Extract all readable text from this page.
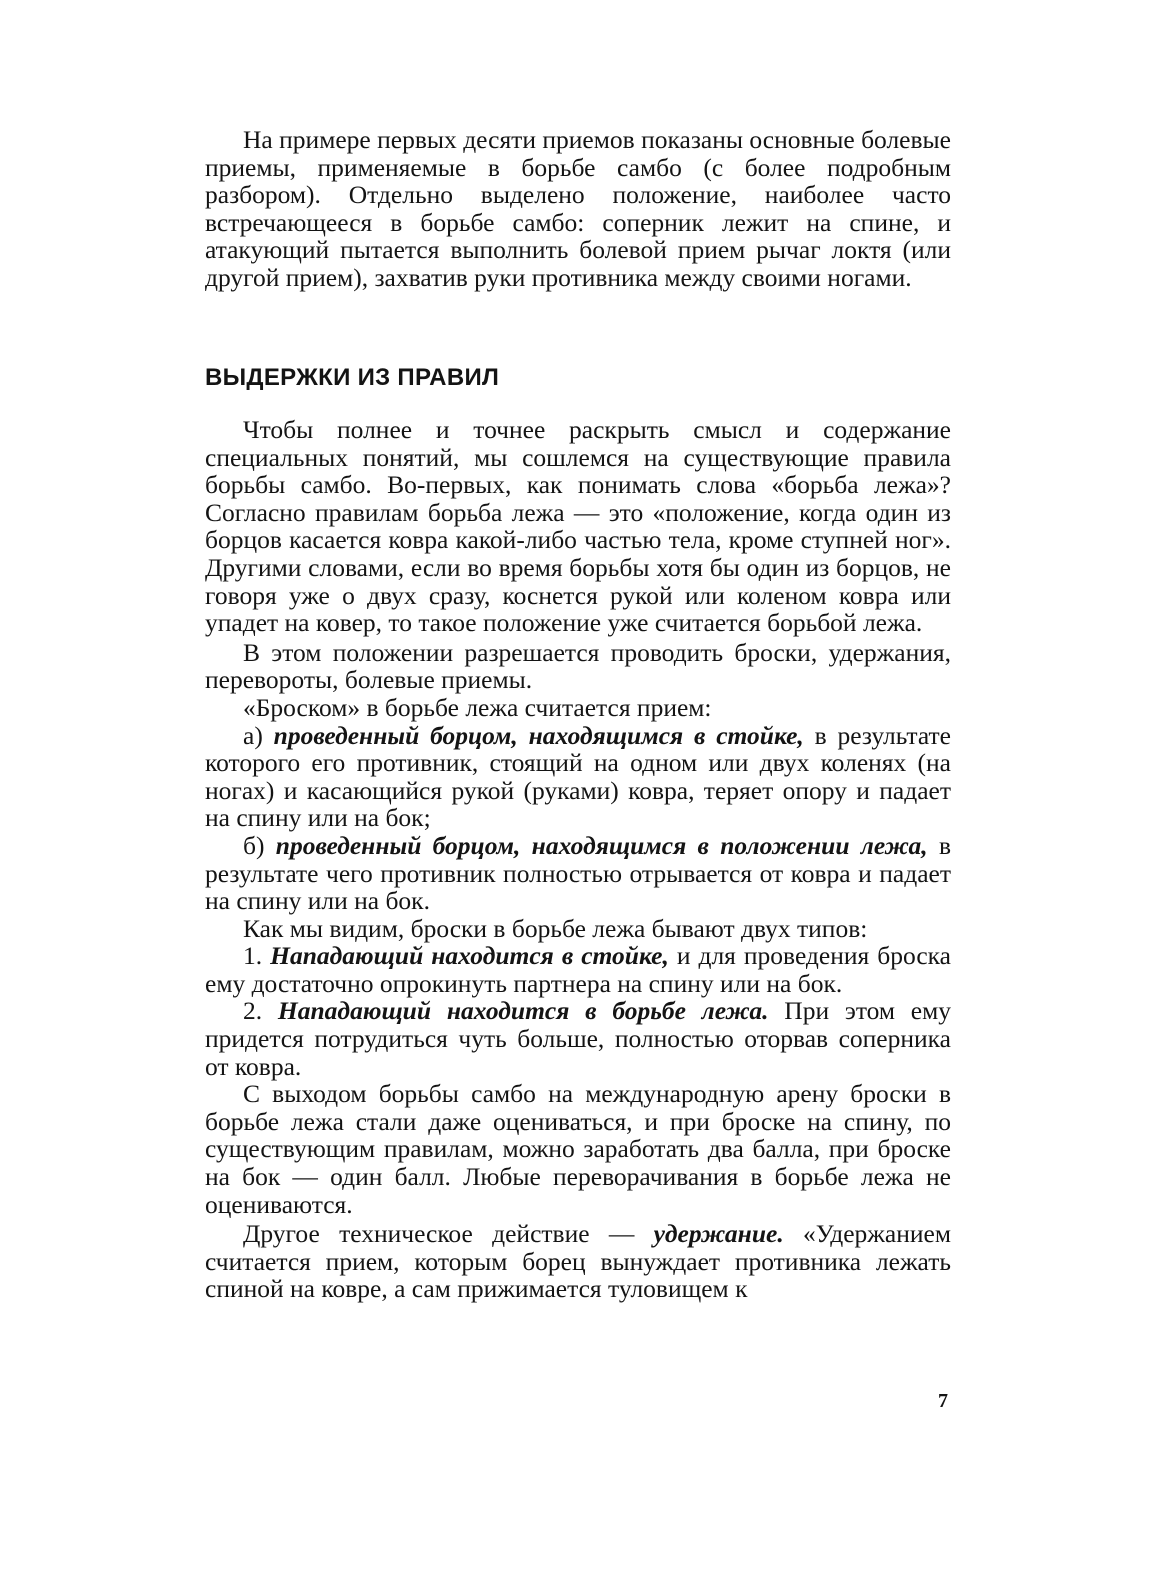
На примере первых десяти приемов показаны основные болевые приемы, применяемые в борьбе самбо (с более подробным разбором). Отдельно выделено положение, наиболее часто встречающееся в борьбе самбо: соперник лежит на спине, и атакующий пытается выполнить болевой прием рычаг локтя (или другой прием), захватив руки противника между своими ногами.

ВЫДЕРЖКИ ИЗ ПРАВИЛ

Чтобы полнее и точнее раскрыть смысл и содержание специальных понятий, мы сошлемся на существующие правила борьбы самбо. Во-первых, как понимать слова «борьба лежа»? Согласно правилам борьба лежа — это «положение, когда один из борцов касается ковра какой-либо частью тела, кроме ступней ног». Другими словами, если во время борьбы хотя бы один из борцов, не говоря уже о двух сразу, коснется рукой или коленом ковра или упадет на ковер, то такое положение уже считается борьбой лежа.

В этом положении разрешается проводить броски, удержания, перевороты, болевые приемы.

«Броском» в борьбе лежа считается прием:

а) проведенный борцом, находящимся в стойке, в результате которого его противник, стоящий на одном или двух коленях (на ногах) и касающийся рукой (руками) ковра, теряет опору и падает на спину или на бок;

б) проведенный борцом, находящимся в положении лежа, в результате чего противник полностью отрывается от ковра и падает на спину или на бок.

Как мы видим, броски в борьбе лежа бывают двух типов:

1. Нападающий находится в стойке, и для проведения броска ему достаточно опрокинуть партнера на спину или на бок.

2. Нападающий находится в борьбе лежа. При этом ему придется потрудиться чуть больше, полностью оторвав соперника от ковра.

С выходом борьбы самбо на международную арену броски в борьбе лежа стали даже оцениваться, и при броске на спину, по существующим правилам, можно заработать два балла, при броске на бок — один балл. Любые переворачивания в борьбе лежа не оцениваются.

Другое техническое действие — удержание. «Удержанием считается прием, которым борец вынуждает противника лежать спиной на ковре, а сам прижимается туловищем к

7
